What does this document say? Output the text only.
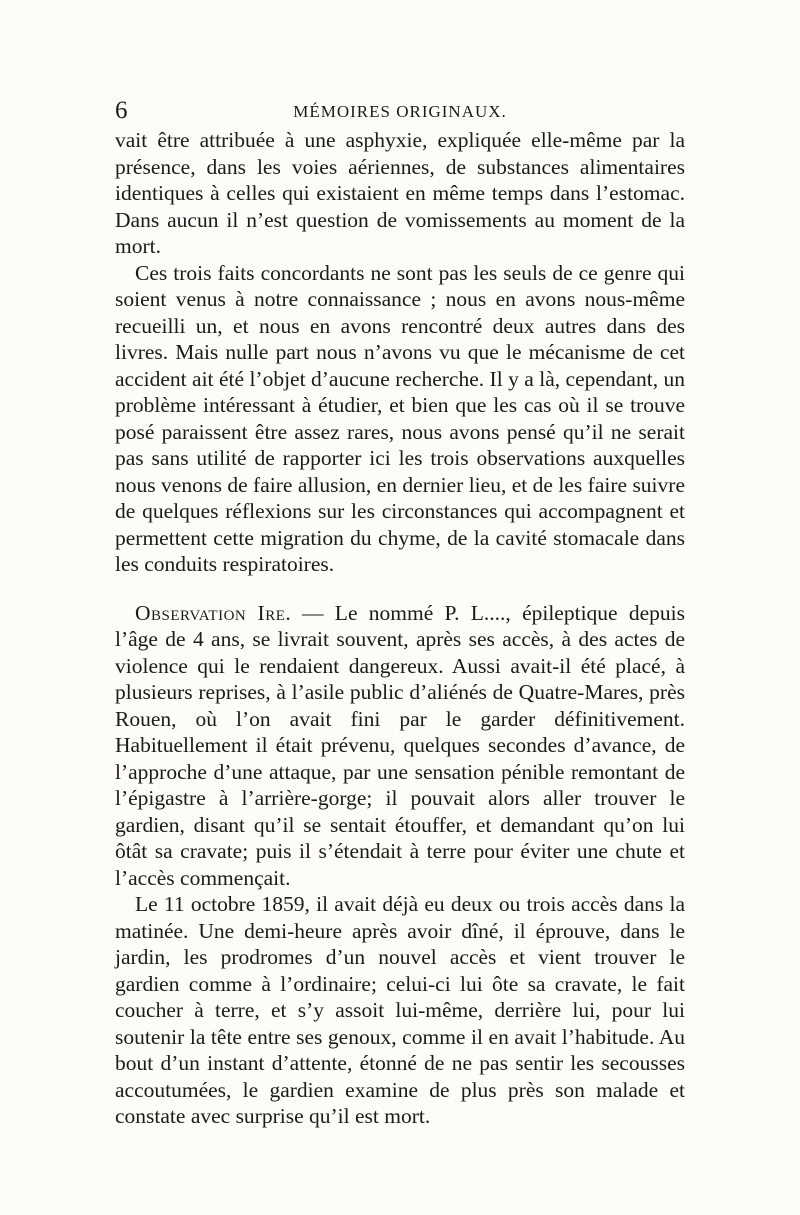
6	MÉMOIRES ORIGINAUX.

vait être attribuée à une asphyxie, expliquée elle-même par la présence, dans les voies aériennes, de substances alimentaires identiques à celles qui existaient en même temps dans l’estomac. Dans aucun il n’est question de vomissements au moment de la mort.

Ces trois faits concordants ne sont pas les seuls de ce genre qui soient venus à notre connaissance ; nous en avons nous-même recueilli un, et nous en avons rencontré deux autres dans des livres. Mais nulle part nous n’avons vu que le mécanisme de cet accident ait été l’objet d’aucune recherche. Il y a là, cependant, un problème intéressant à étudier, et bien que les cas où il se trouve posé paraissent être assez rares, nous avons pensé qu’il ne serait pas sans utilité de rapporter ici les trois observations auxquelles nous venons de faire allusion, en dernier lieu, et de les faire suivre de quelques réflexions sur les circonstances qui accompagnent et permettent cette migration du chyme, de la cavité stomacale dans les conduits respiratoires.

Observation Ire. — Le nommé P. L...., épileptique depuis l’âge de 4 ans, se livrait souvent, après ses accès, à des actes de violence qui le rendaient dangereux. Aussi avait-il été placé, à plusieurs reprises, à l’asile public d’aliénés de Quatre-Mares, près Rouen, où l’on avait fini par le garder définitivement. Habituellement il était prévenu, quelques secondes d’avance, de l’approche d’une attaque, par une sensation pénible remontant de l’épigastre à l’arrière-gorge; il pouvait alors aller trouver le gardien, disant qu’il se sentait étouffer, et demandant qu’on lui ôtât sa cravate; puis il s’étendait à terre pour éviter une chute et l’accès commençait.

Le 11 octobre 1859, il avait déjà eu deux ou trois accès dans la matinée. Une demi-heure après avoir dîné, il éprouve, dans le jardin, les prodromes d’un nouvel accès et vient trouver le gardien comme à l’ordinaire; celui-ci lui ôte sa cravate, le fait coucher à terre, et s’y assoit lui-même, derrière lui, pour lui soutenir la tête entre ses genoux, comme il en avait l’habitude. Au bout d’un instant d’attente, étonné de ne pas sentir les secousses accoutumées, le gardien examine de plus près son malade et constate avec surprise qu’il est mort.
